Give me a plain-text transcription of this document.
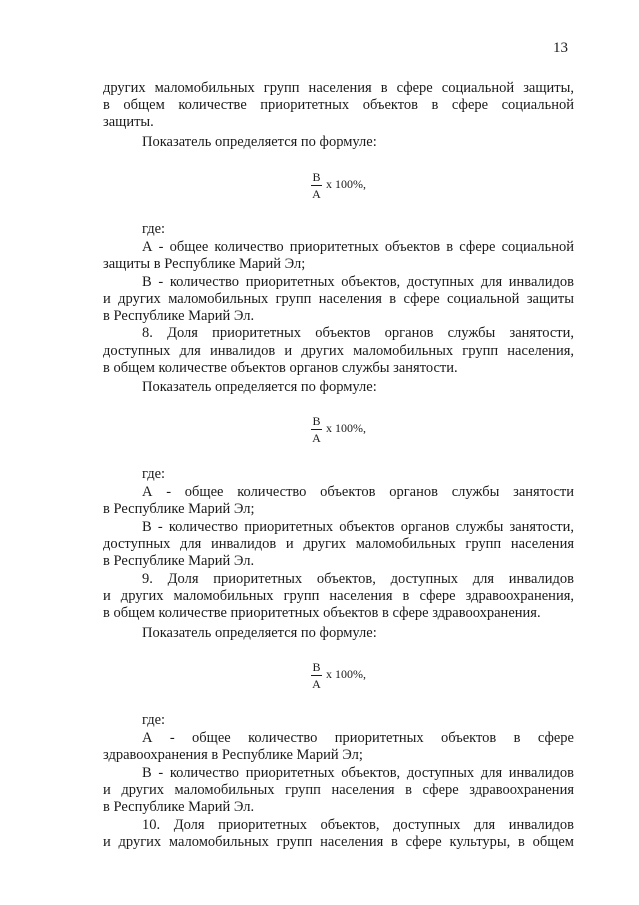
13
других маломобильных групп населения в сфере социальной защиты,
в общем количестве приоритетных объектов в сфере социальной
защиты.
Показатель определяется по формуле:
В
А
х 100%,
где:
А - общее количество приоритетных объектов в сфере социальной
защиты в Республике Марий Эл;
В - количество приоритетных объектов, доступных для инвалидов
и других маломобильных групп населения в сфере социальной защиты
в Республике Марий Эл.
8. Доля приоритетных объектов органов службы занятости,
доступных для инвалидов и других маломобильных групп населения,
в общем количестве объектов органов службы занятости.
Показатель определяется по формуле:
В
А
х 100%,
где:
А - общее количество объектов органов службы занятости
в Республике Марий Эл;
В - количество приоритетных объектов органов службы занятости,
доступных для инвалидов и других маломобильных групп населения
в Республике Марий Эл.
9. Доля приоритетных объектов, доступных для инвалидов
и других маломобильных групп населения в сфере здравоохранения,
в общем количестве приоритетных объектов в сфере здравоохранения.
Показатель определяется по формуле:
В
А
х 100%,
где:
А - общее количество приоритетных объектов в сфере
здравоохранения в Республике Марий Эл;
В - количество приоритетных объектов, доступных для инвалидов
и других маломобильных групп населения в сфере здравоохранения
в Республике Марий Эл.
10. Доля приоритетных объектов, доступных для инвалидов
и других маломобильных групп населения в сфере культуры, в общем
